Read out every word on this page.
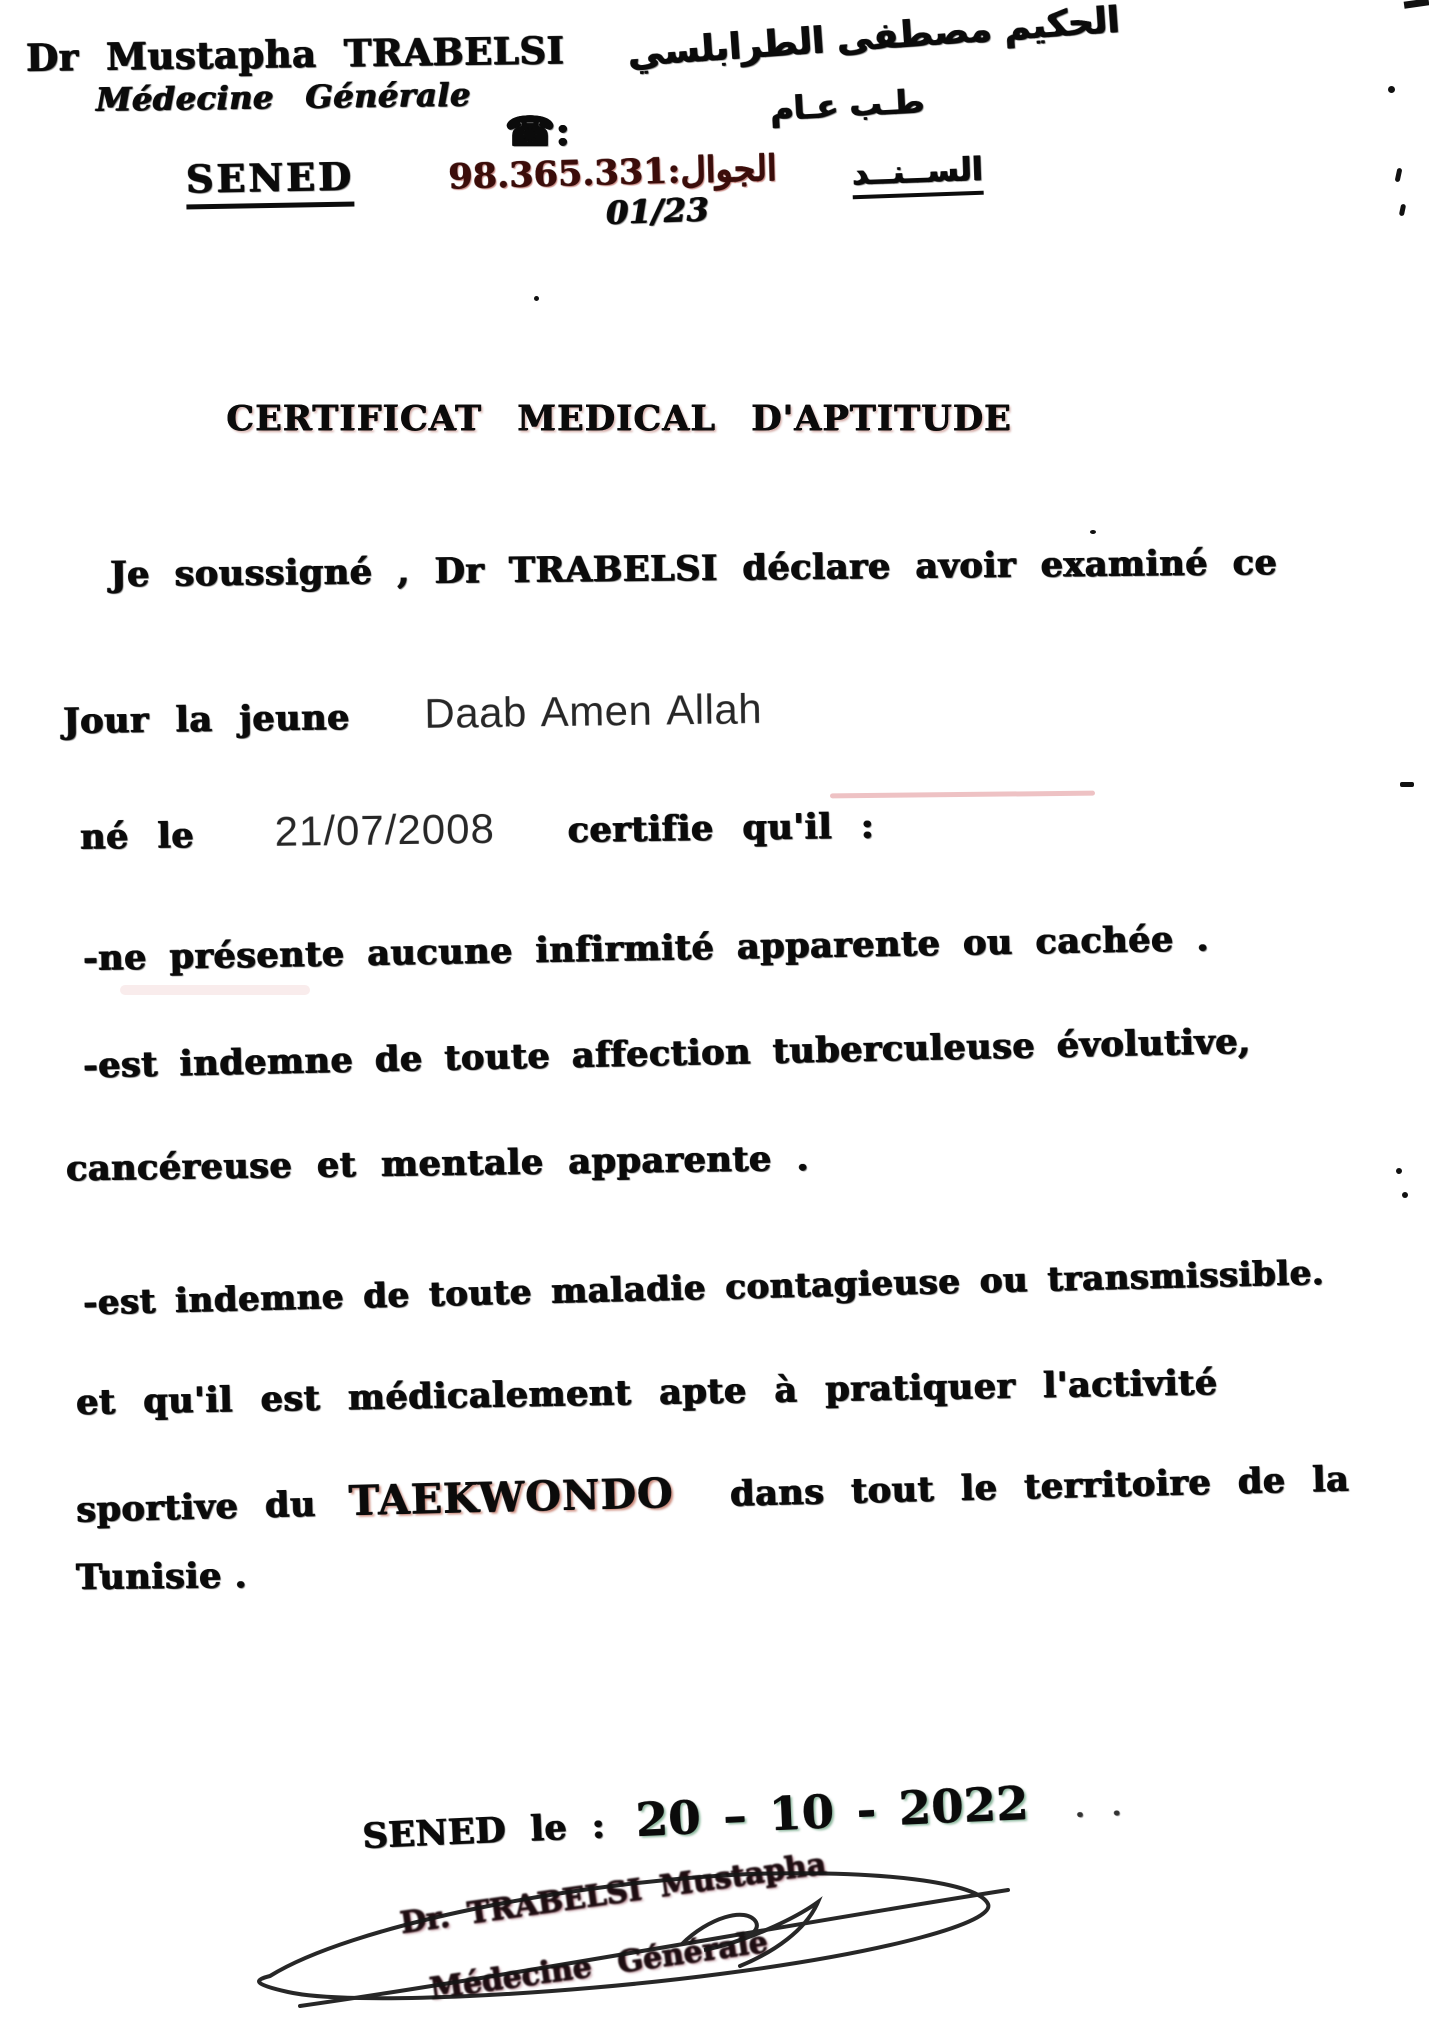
Dr Mustapha TRABELSI
Médecine Générale
الحكيم مصطفى الطرابلسي
طـب عـام
☎:
SENED	98.365.331:الجوال الســنــد
01/23
CERTIFICAT MEDICAL D'APTITUDE
Je soussigné , Dr TRABELSI déclare avoir examiné ce
Jour la jeune Daab Amen Allah
né le 21/07/2008 certifie qu'il :
-ne présente aucune infirmité apparente ou cachée .
-est indemne de toute affection tuberculeuse évolutive,
cancéreuse et mentale apparente .
-est indemne de toute maladie contagieuse ou transmissible.
et qu'il est médicalement apte à pratiquer l'activité
sportive du TAEKWONDO dans tout le territoire de la
Tunisie .
SENED le : 20 – 10 - 2022 . .
Dr. TRABELSI Mustapha
Médecine Générale
